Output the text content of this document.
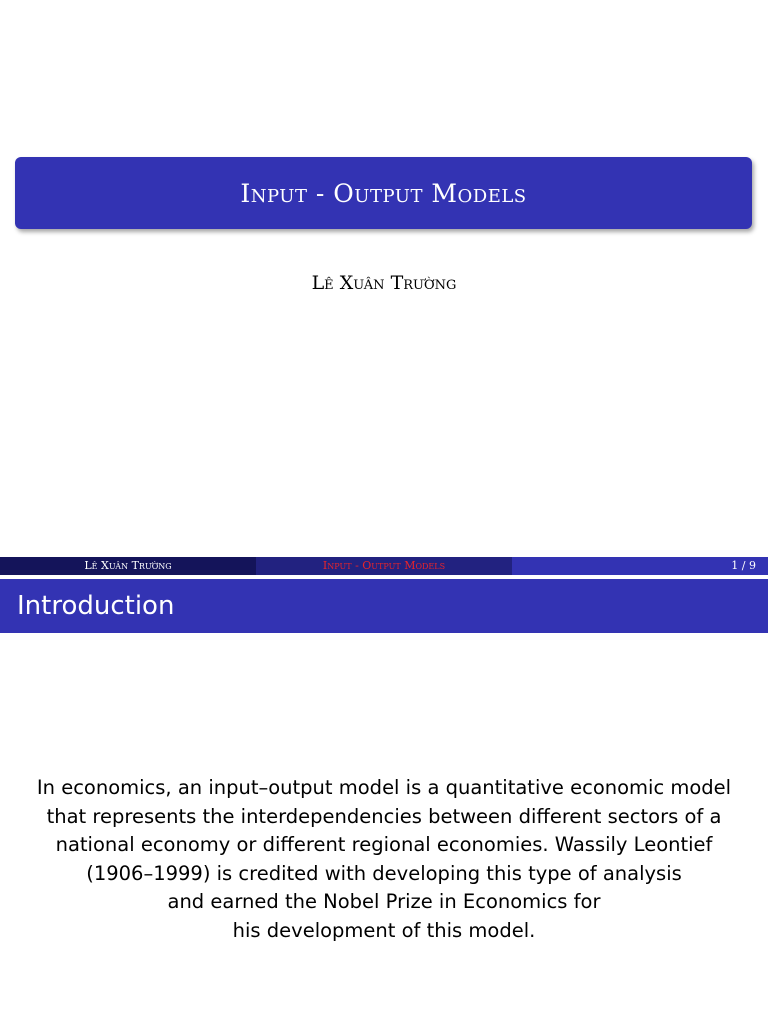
Input - Output Models
Lê Xuân Trường
Lê Xuân Trường	Input - Output Models	1 / 9
Introduction
In economics, an input–output model is a quantitative economic model
that represents the interdependencies between different sectors of a
national economy or different regional economies. Wassily Leontief
(1906–1999) is credited with developing this type of analysis
and earned the Nobel Prize in Economics for
his development of this model.
